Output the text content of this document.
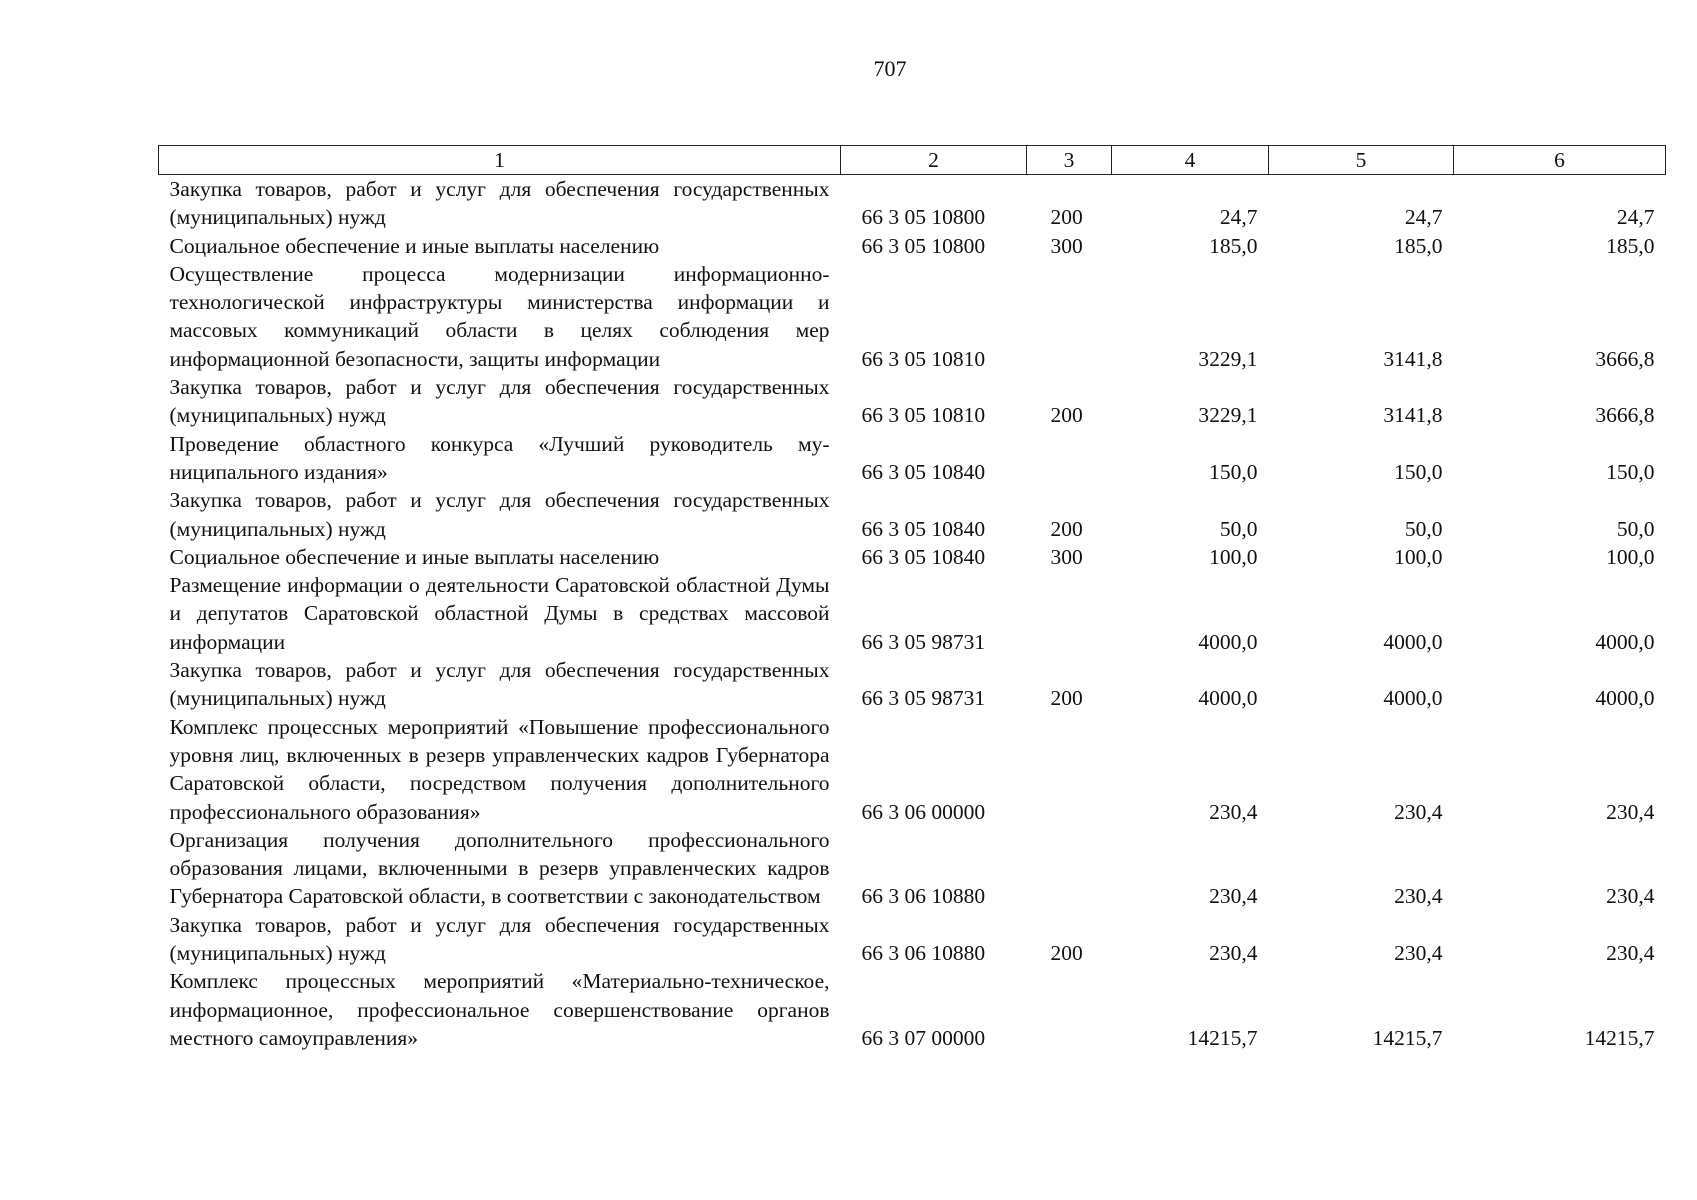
707
1	2	3	4	5	6
Закупка товаров, работ и услуг для обеспечения государственных (муниципальных) нужд	66 3 05 10800	200	24,7	24,7	24,7
Социальное обеспечение и иные выплаты населению	66 3 05 10800	300	185,0	185,0	185,0
Осуществление процесса модернизации информационно-технологической инфраструктуры министерства информации и массовых коммуникаций области в целях соблюдения мер информационной безопасности, защиты информации	66 3 05 10810		3229,1	3141,8	3666,8
Закупка товаров, работ и услуг для обеспечения государственных (муниципальных) нужд	66 3 05 10810	200	3229,1	3141,8	3666,8
Проведение областного конкурса «Лучший руководитель муниципального издания»	66 3 05 10840		150,0	150,0	150,0
Закупка товаров, работ и услуг для обеспечения государственных (муниципальных) нужд	66 3 05 10840	200	50,0	50,0	50,0
Социальное обеспечение и иные выплаты населению	66 3 05 10840	300	100,0	100,0	100,0
Размещение информации о деятельности Саратовской областной Думы и депутатов Саратовской областной Думы в средствах массовой информации	66 3 05 98731		4000,0	4000,0	4000,0
Закупка товаров, работ и услуг для обеспечения государственных (муниципальных) нужд	66 3 05 98731	200	4000,0	4000,0	4000,0
Комплекс процессных мероприятий «Повышение профессионального уровня лиц, включенных в резерв управленческих кадров Губернатора Саратовской области, посредством получения дополнительного профессионального образования»	66 3 06 00000		230,4	230,4	230,4
Организация получения дополнительного профессионального образования лицами, включенными в резерв управленческих кадров Губернатора Саратовской области, в соответствии с законодательством	66 3 06 10880		230,4	230,4	230,4
Закупка товаров, работ и услуг для обеспечения государственных (муниципальных) нужд	66 3 06 10880	200	230,4	230,4	230,4
Комплекс процессных мероприятий «Материально-техническое, информационное, профессиональное совершенствование органов местного самоуправления»	66 3 07 00000		14215,7	14215,7	14215,7
